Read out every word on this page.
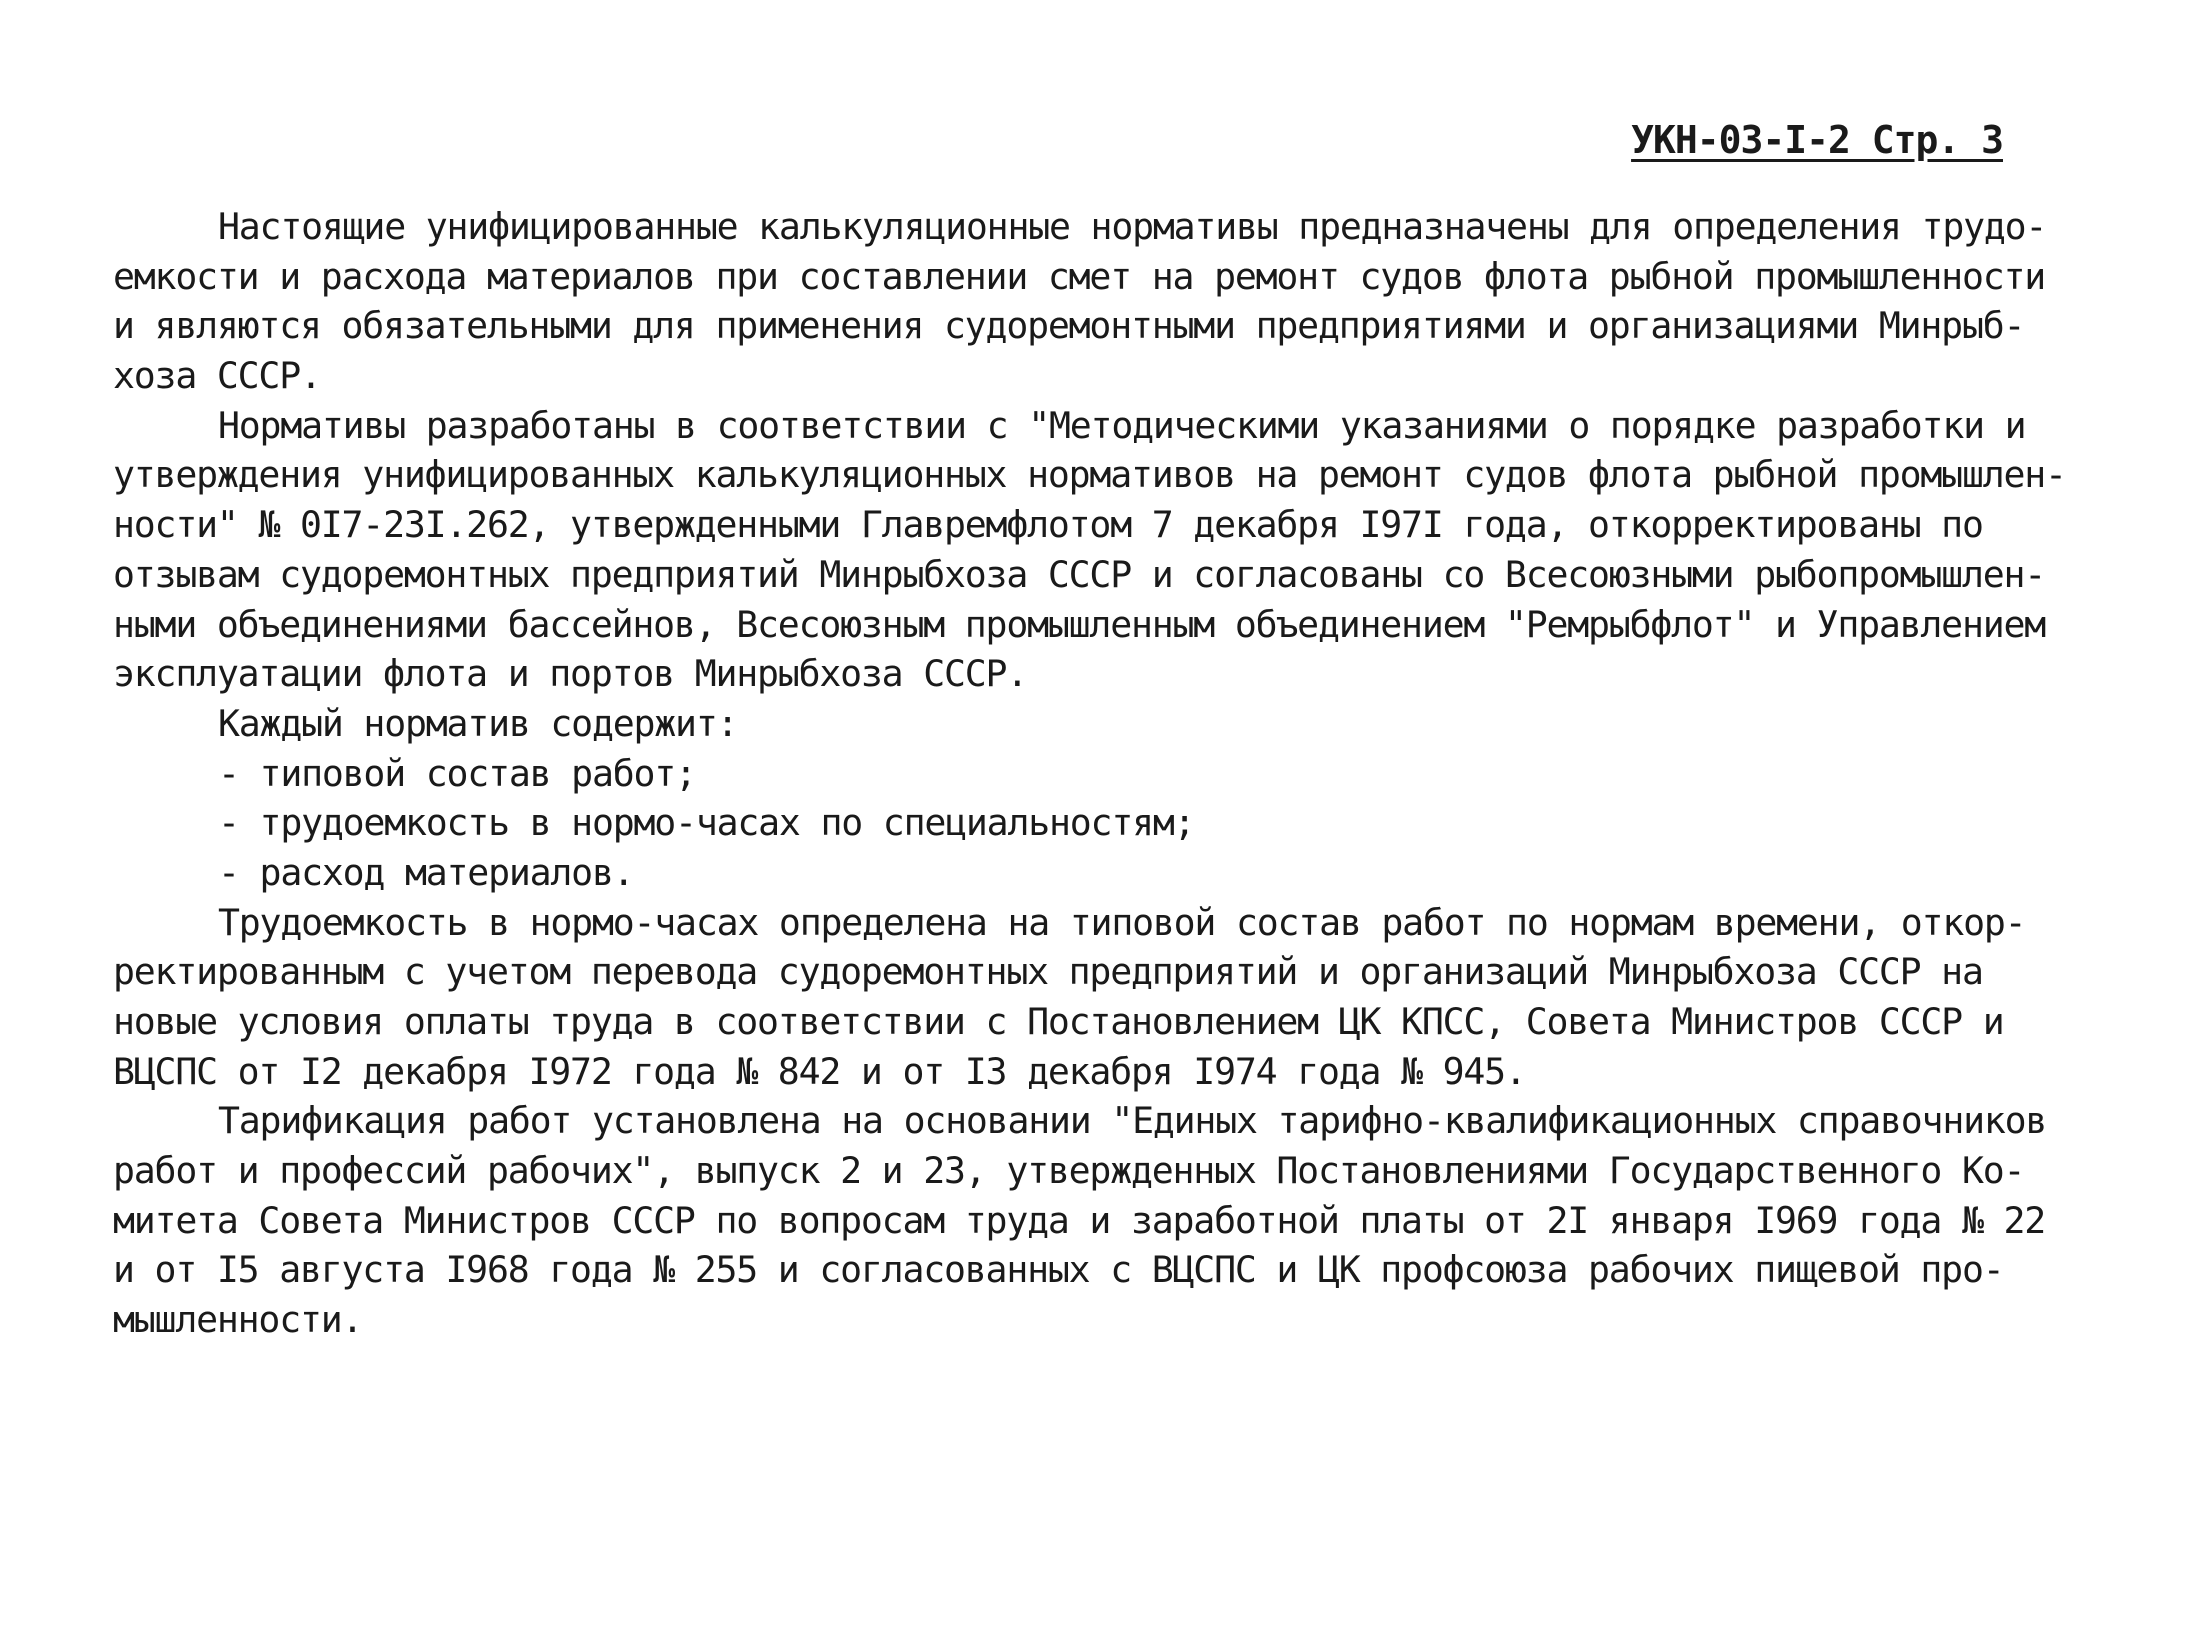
УКН-03-I-2 Стр. 3
Настоящие унифицированные калькуляционные нормативы предназначены для определения трудо-
емкости и расхода материалов при составлении смет на ремонт судов флота рыбной промышленности
и являются обязательными для применения судоремонтными предприятиями и организациями Минрыб-
хоза СССР.
Нормативы разработаны в соответствии с "Методическими указаниями о порядке разработки и
утверждения унифицированных калькуляционных нормативов на ремонт судов флота рыбной промышлен-
ности" № 0I7-23I.262, утвержденными Главремфлотом 7 декабря I97I года, откорректированы по
отзывам судоремонтных предприятий Минрыбхоза СССР и согласованы со Всесоюзными рыбопромышлен-
ными объединениями бассейнов, Всесоюзным промышленным объединением "Ремрыбфлот" и Управлением
эксплуатации флота и портов Минрыбхоза СССР.
Каждый норматив содержит:
- типовой состав работ;
- трудоемкость в нормо-часах по специальностям;
- расход материалов.
Трудоемкость в нормо-часах определена на типовой состав работ по нормам времени, откор-
ректированным с учетом перевода судоремонтных предприятий и организаций Минрыбхоза СССР на
новые условия оплаты труда в соответствии с Постановлением ЦК КПСС, Совета Министров СССР и
ВЦСПС от I2 декабря I972 года № 842 и от I3 декабря I974 года № 945.
Тарификация работ установлена на основании "Единых тарифно-квалификационных справочников
работ и профессий рабочих", выпуск 2 и 23, утвержденных Постановлениями Государственного Ко-
митета Совета Министров СССР по вопросам труда и заработной платы от 2I января I969 года № 22
и от I5 августа I968 года № 255 и согласованных с ВЦСПС и ЦК профсоюза рабочих пищевой про-
мышленности.
